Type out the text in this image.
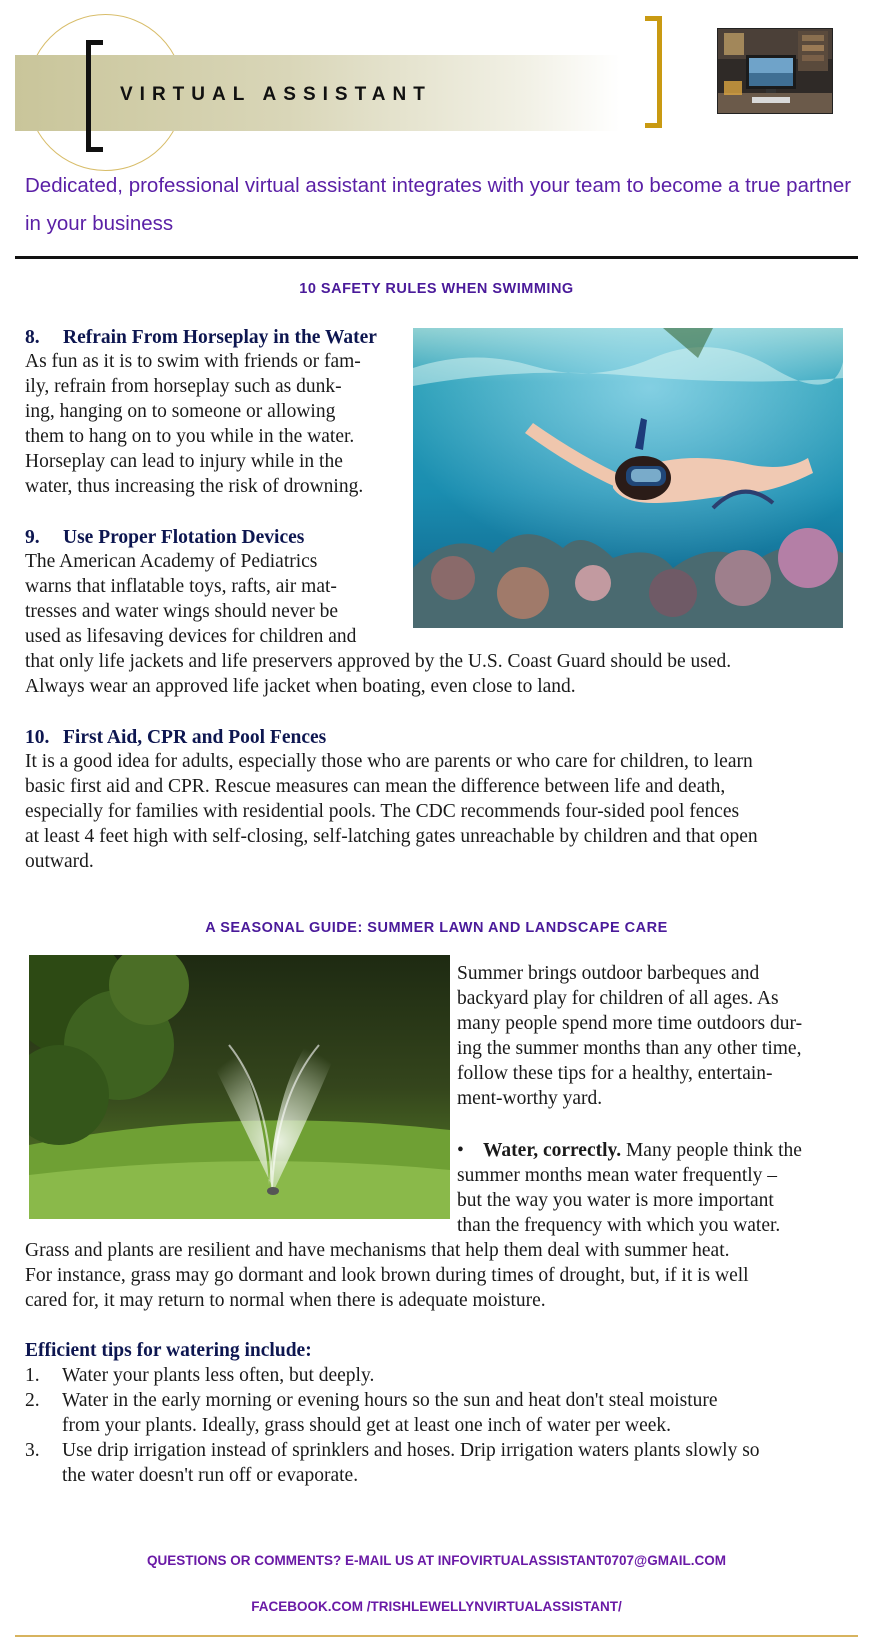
VIRTUAL ASSISTANT
Dedicated, professional virtual assistant integrates with your team to become a true partner in your business
10 SAFETY RULES WHEN SWIMMING
8. Refrain From Horseplay in the Water
As fun as it is to swim with friends or fam-
ily, refrain from horseplay such as dunk-
ing, hanging on to someone or allowing
them to hang on to you while in the water.
Horseplay can lead to injury while in the
water, thus increasing the risk of drowning.
9. Use Proper Flotation Devices
The American Academy of Pediatrics
warns that inflatable toys, rafts, air mat-
tresses and water wings should never be
used as lifesaving devices for children and
that only life jackets and life preservers approved by the U.S. Coast Guard should be used.
Always wear an approved life jacket when boating, even close to land.
10. First Aid, CPR and Pool Fences
It is a good idea for adults, especially those who are parents or who care for children, to learn
basic first aid and CPR. Rescue measures can mean the difference between life and death,
especially for families with residential pools. The CDC recommends four-sided pool fences
at least 4 feet high with self-closing, self-latching gates unreachable by children and that open
outward.
A SEASONAL GUIDE: SUMMER LAWN AND LANDSCAPE CARE
Summer brings outdoor barbeques and
backyard play for children of all ages. As
many people spend more time outdoors dur-
ing the summer months than any other time,
follow these tips for a healthy, entertain-
ment-worthy yard.
• Water, correctly. Many people think the
summer months mean water frequently –
but the way you water is more important
than the frequency with which you water.
Grass and plants are resilient and have mechanisms that help them deal with summer heat.
For instance, grass may go dormant and look brown during times of drought, but, if it is well
cared for, it may return to normal when there is adequate moisture.
Efficient tips for watering include:
1. Water your plants less often, but deeply.
2. Water in the early morning or evening hours so the sun and heat don't steal moisture
from your plants. Ideally, grass should get at least one inch of water per week.
3. Use drip irrigation instead of sprinklers and hoses. Drip irrigation waters plants slowly so
the water doesn't run off or evaporate.
QUESTIONS OR COMMENTS? E-MAIL US AT INFOVIRTUALASSISTANT0707@GMAIL.COM
FACEBOOK.COM /TRISHLEWELLYNVIRTUALASSISTANT/
